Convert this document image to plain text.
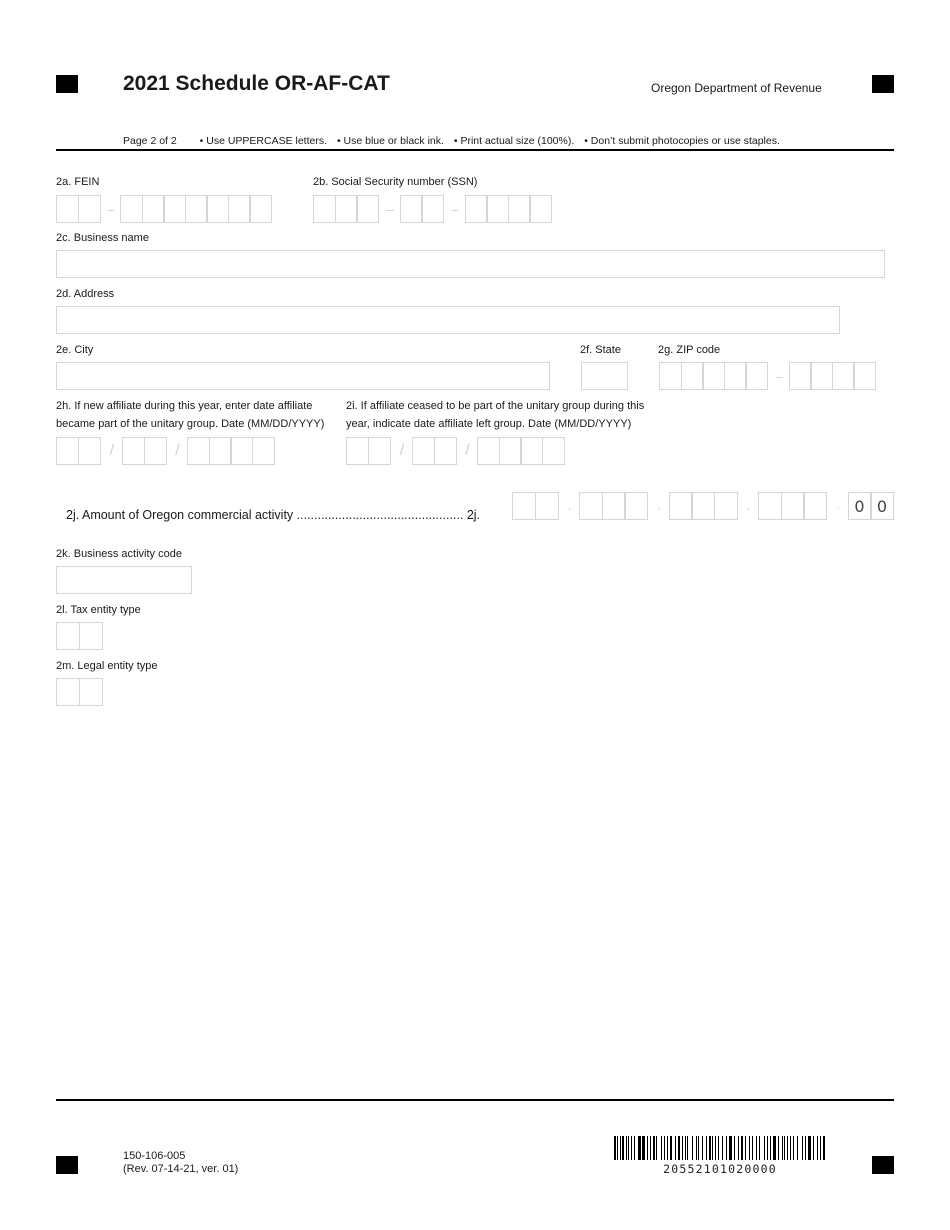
2021 Schedule OR-AF-CAT	Oregon Department of Revenue
Page 2 of 2 • Use UPPERCASE letters. • Use blue or black ink. • Print actual size (100%). • Don’t submit photocopies or use staples.
2a. FEIN
–
2b. Social Security number (SSN)
–	–
2c. Business name
2d. Address
2e. City	2f. State	2g. ZIP code
–
2h. If new affiliate during this year, enter date affiliate
became part of the unitary group. Date (MM/DD/YYYY)
/	/
2i. If affiliate ceased to be part of the unitary group during this
year, indicate date affiliate left group. Date (MM/DD/YYYY)
/	/
2j. Amount of Oregon commercial activity ................................................ 2j.
,	,	,	. 0 0
2k. Business activity code
2l. Tax entity type
2m. Legal entity type
150-106-005
(Rev. 07-14-21, ver. 01)	20552101020000
